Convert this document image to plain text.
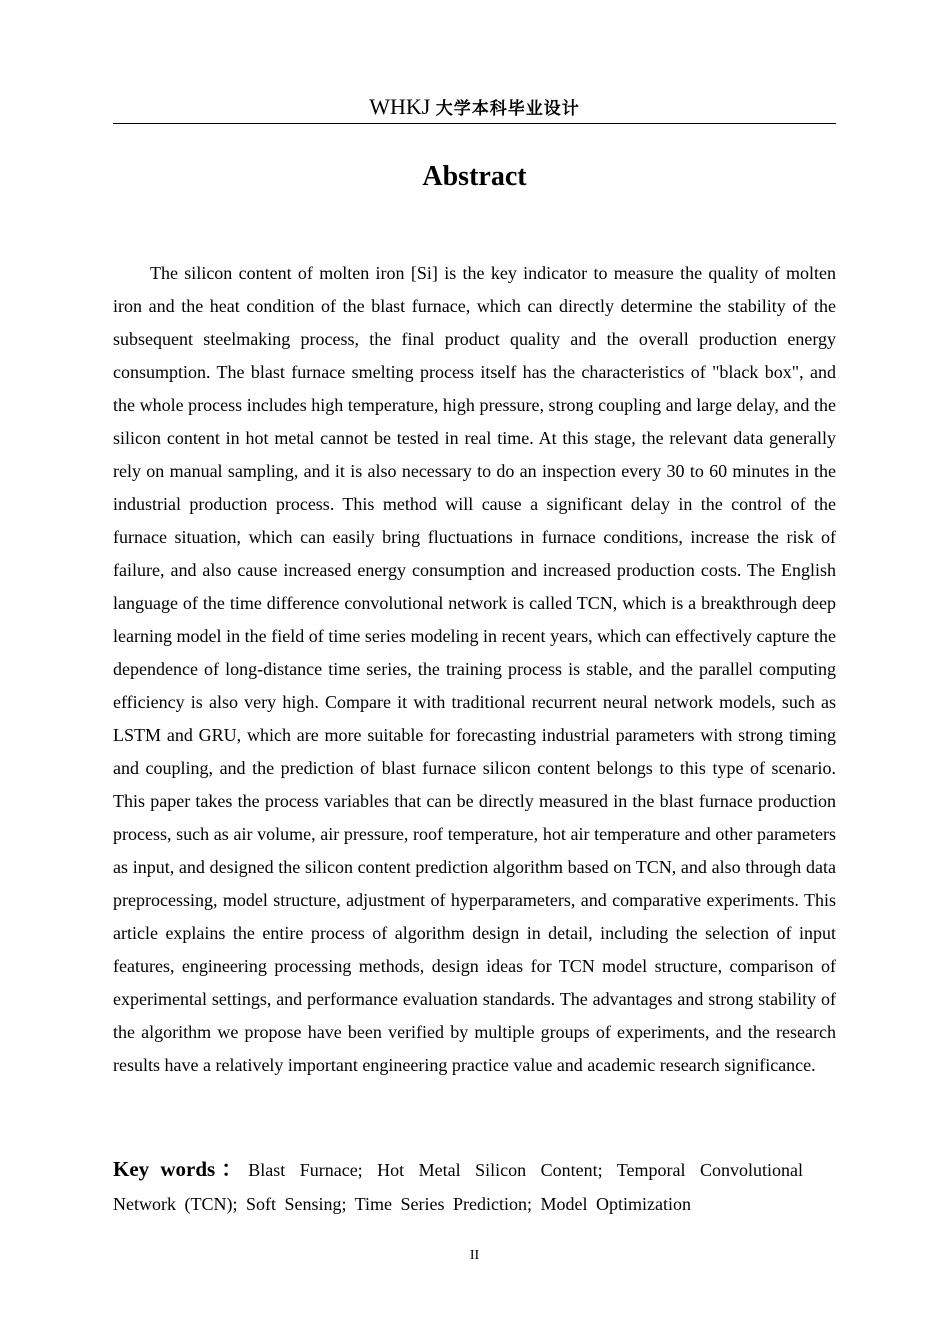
WHKJ 大学本科毕业设计
Abstract

The silicon content of molten iron [Si] is the key indicator to measure the quality of molten iron and the heat condition of the blast furnace, which can directly determine the stability of the subsequent steelmaking process, the final product quality and the overall production energy consumption. The blast furnace smelting process itself has the characteristics of "black box", and the whole process includes high temperature, high pressure, strong coupling and large delay, and the silicon content in hot metal cannot be tested in real time. At this stage, the relevant data generally rely on manual sampling, and it is also necessary to do an inspection every 30 to 60 minutes in the industrial production process. This method will cause a significant delay in the control of the furnace situation, which can easily bring fluctuations in furnace conditions, increase the risk of failure, and also cause increased energy consumption and increased production costs. The English language of the time difference convolutional network is called TCN, which is a breakthrough deep learning model in the field of time series modeling in recent years, which can effectively capture the dependence of long-distance time series, the training process is stable, and the parallel computing efficiency is also very high. Compare it with traditional recurrent neural network models, such as LSTM and GRU, which are more suitable for forecasting industrial parameters with strong timing and coupling, and the prediction of blast furnace silicon content belongs to this type of scenario. This paper takes the process variables that can be directly measured in the blast furnace production process, such as air volume, air pressure, roof temperature, hot air temperature and other parameters as input, and designed the silicon content prediction algorithm based on TCN, and also through data preprocessing, model structure, adjustment of hyperparameters, and comparative experiments. This article explains the entire process of algorithm design in detail, including the selection of input features, engineering processing methods, design ideas for TCN model structure, comparison of experimental settings, and performance evaluation standards. The advantages and strong stability of the algorithm we propose have been verified by multiple groups of experiments, and the research results have a relatively important engineering practice value and academic research significance.

Key words：Blast Furnace; Hot Metal Silicon Content; Temporal Convolutional Network (TCN); Soft Sensing; Time Series Prediction; Model Optimization

II
